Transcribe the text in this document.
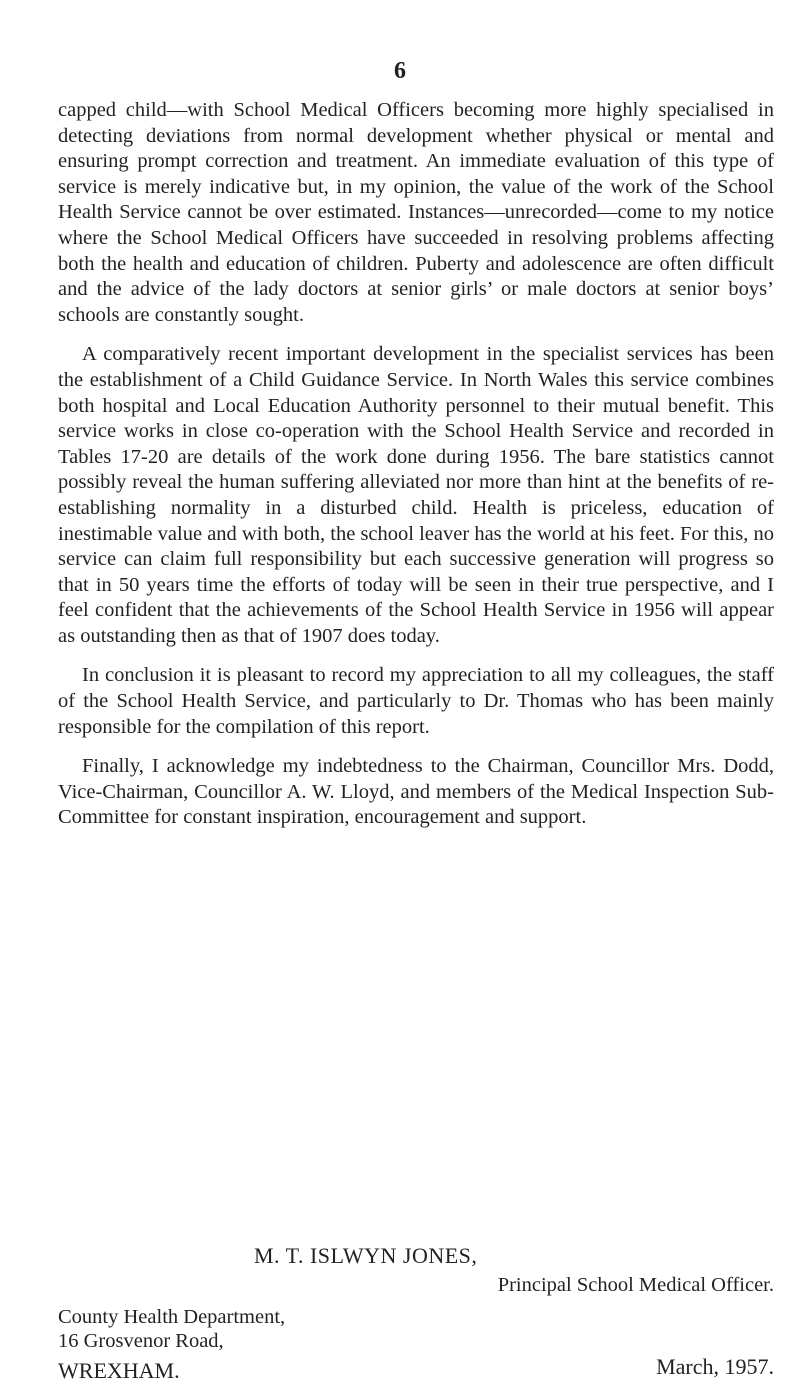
6

capped child—with School Medical Officers becoming more highly specialised in detecting deviations from normal development whether physical or mental and ensuring prompt correction and treatment. An immediate evaluation of this type of service is merely indicative but, in my opinion, the value of the work of the School Health Service cannot be over estimated. Instances—unrecorded—come to my notice where the School Medical Officers have succeeded in resolving problems affecting both the health and education of children. Puberty and adolescence are often difficult and the advice of the lady doctors at senior girls’ or male doctors at senior boys’ schools are constantly sought.

A comparatively recent important development in the specialist services has been the establishment of a Child Guidance Service. In North Wales this service combines both hospital and Local Education Authority personnel to their mutual benefit. This service works in close co-operation with the School Health Service and recorded in Tables 17-20 are details of the work done during 1956. The bare statistics cannot possibly reveal the human suffering alleviated nor more than hint at the benefits of re-establishing normality in a disturbed child. Health is priceless, education of inestimable value and with both, the school leaver has the world at his feet. For this, no service can claim full responsibility but each successive generation will progress so that in 50 years time the efforts of today will be seen in their true perspective, and I feel confident that the achievements of the School Health Service in 1956 will appear as outstanding then as that of 1907 does today.

In conclusion it is pleasant to record my appreciation to all my colleagues, the staff of the School Health Service, and particularly to Dr. Thomas who has been mainly responsible for the compilation of this report.

Finally, I acknowledge my indebtedness to the Chairman, Councillor Mrs. Dodd, Vice-Chairman, Councillor A. W. Lloyd, and members of the Medical Inspection Sub-Committee for constant inspiration, encouragement and support.

M. T. ISLWYN JONES,
Principal School Medical Officer.
County Health Department,
16 Grosvenor Road,
WREXHAM.	March, 1957.
